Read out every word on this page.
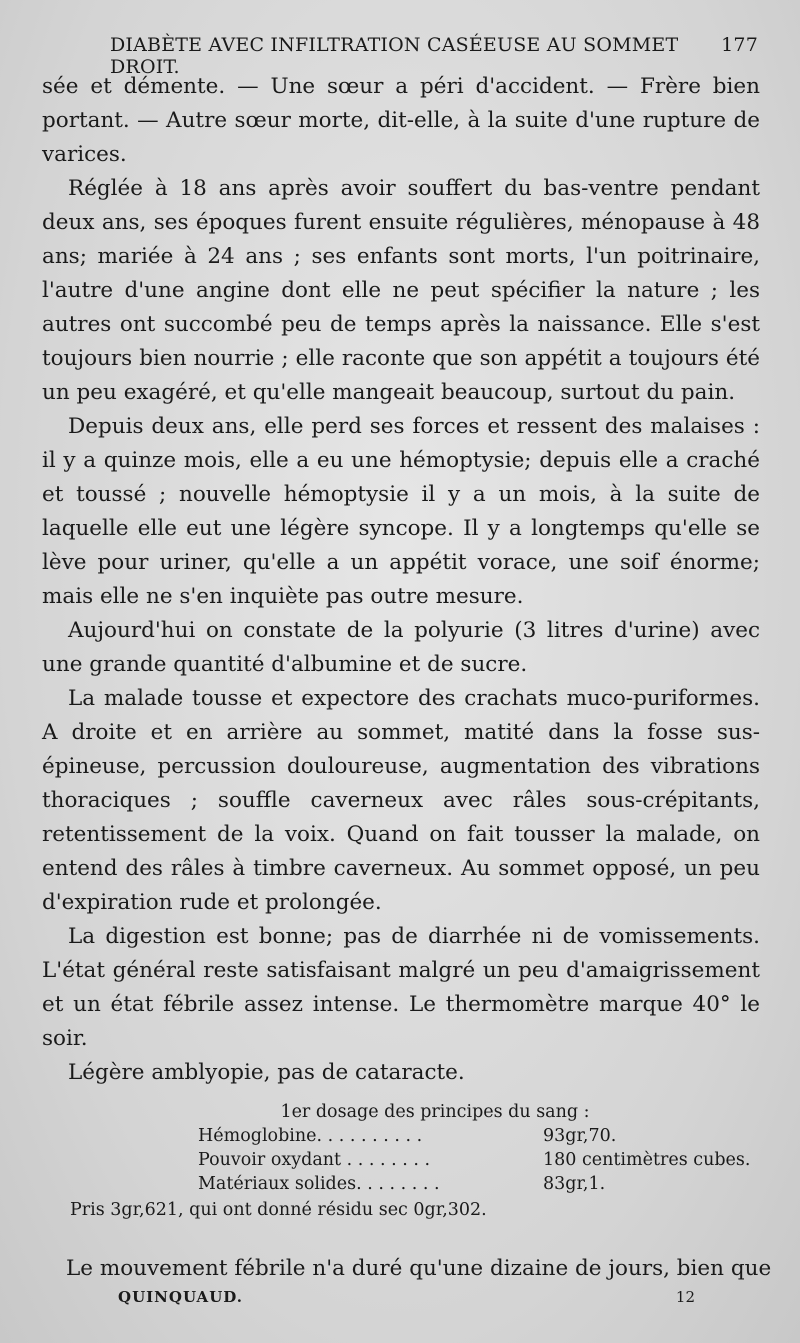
DIABÈTE AVEC INFILTRATION CASÉEUSE AU SOMMET DROIT.
177

sée et démente. — Une sœur a péri d'accident. — Frère bien portant. — Autre sœur morte, dit-elle, à la suite d'une rupture de varices.

Réglée à 18 ans après avoir souffert du bas-ventre pendant deux ans, ses époques furent ensuite régulières, ménopause à 48 ans; mariée à 24 ans ; ses enfants sont morts, l'un poitrinaire, l'autre d'une angine dont elle ne peut spécifier la nature ; les autres ont succombé peu de temps après la naissance. Elle s'est toujours bien nourrie ; elle raconte que son appétit a toujours été un peu exagéré, et qu'elle mangeait beaucoup, surtout du pain.

Depuis deux ans, elle perd ses forces et ressent des malaises : il y a quinze mois, elle a eu une hémoptysie; depuis elle a craché et toussé ; nouvelle hémoptysie il y a un mois, à la suite de laquelle elle eut une légère syncope. Il y a longtemps qu'elle se lève pour uriner, qu'elle a un appétit vorace, une soif énorme; mais elle ne s'en inquiète pas outre mesure.

Aujourd'hui on constate de la polyurie (3 litres d'urine) avec une grande quantité d'albumine et de sucre.

La malade tousse et expectore des crachats muco-puriformes. A droite et en arrière au sommet, matité dans la fosse sus-épineuse, percussion douloureuse, augmentation des vibrations thoraciques ; souffle caverneux avec râles sous-crépitants, retentissement de la voix. Quand on fait tousser la malade, on entend des râles à timbre caverneux. Au sommet opposé, un peu d'expiration rude et prolongée.

La digestion est bonne; pas de diarrhée ni de vomissements. L'état général reste satisfaisant malgré un peu d'amaigrissement et un état fébrile assez intense. Le thermomètre marque 40° le soir.

Légère amblyopie, pas de cataracte.

1er dosage des principes du sang :
Hémoglobine. . . . . . . . . .	93gr,70.
Pouvoir oxydant . . . . . . . .	180 centimètres cubes.
Matériaux solides. . . . . . . .	83gr,1.
Pris 3gr,621, qui ont donné résidu sec 0gr,302.
Le mouvement fébrile n'a duré qu'une dizaine de jours, bien que
QUINQUAUD.	12
